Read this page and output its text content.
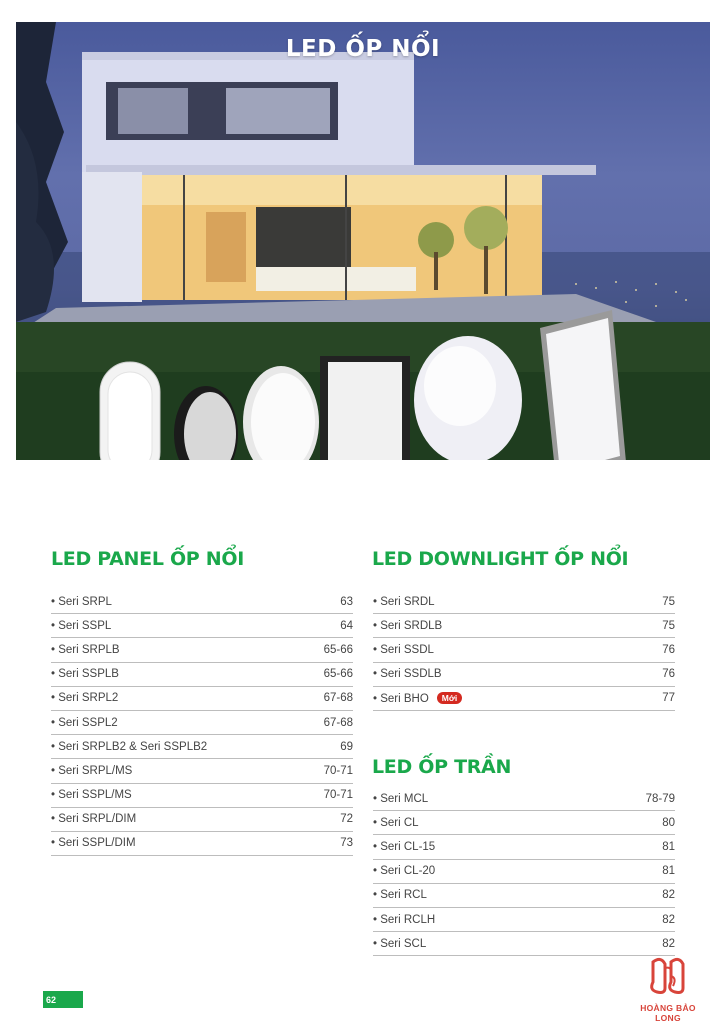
LED ỐP NỔI
LED PANEL ỐP NỔI
• Seri SRPL	63
• Seri SSPL	64
• Seri SRPLB	65-66
• Seri SSPLB	65-66
• Seri SRPL2	67-68
• Seri SSPL2	67-68
• Seri SRPLB2 & Seri SSPLB2	69
• Seri SRPL/MS	70-71
• Seri SSPL/MS	70-71
• Seri SRPL/DIM	72
• Seri SSPL/DIM	73
LED DOWNLIGHT ỐP NỔI
• Seri SRDL	75
• Seri SRDLB	75
• Seri SSDL	76
• Seri SSDLB	76
• Seri BHO Mới	77
LED ỐP TRẦN
• Seri MCL	78-79
• Seri CL	80
• Seri CL-15	81
• Seri CL-20	81
• Seri RCL	82
• Seri RCLH	82
• Seri SCL	82
62
HOÀNG BẢO LONG
